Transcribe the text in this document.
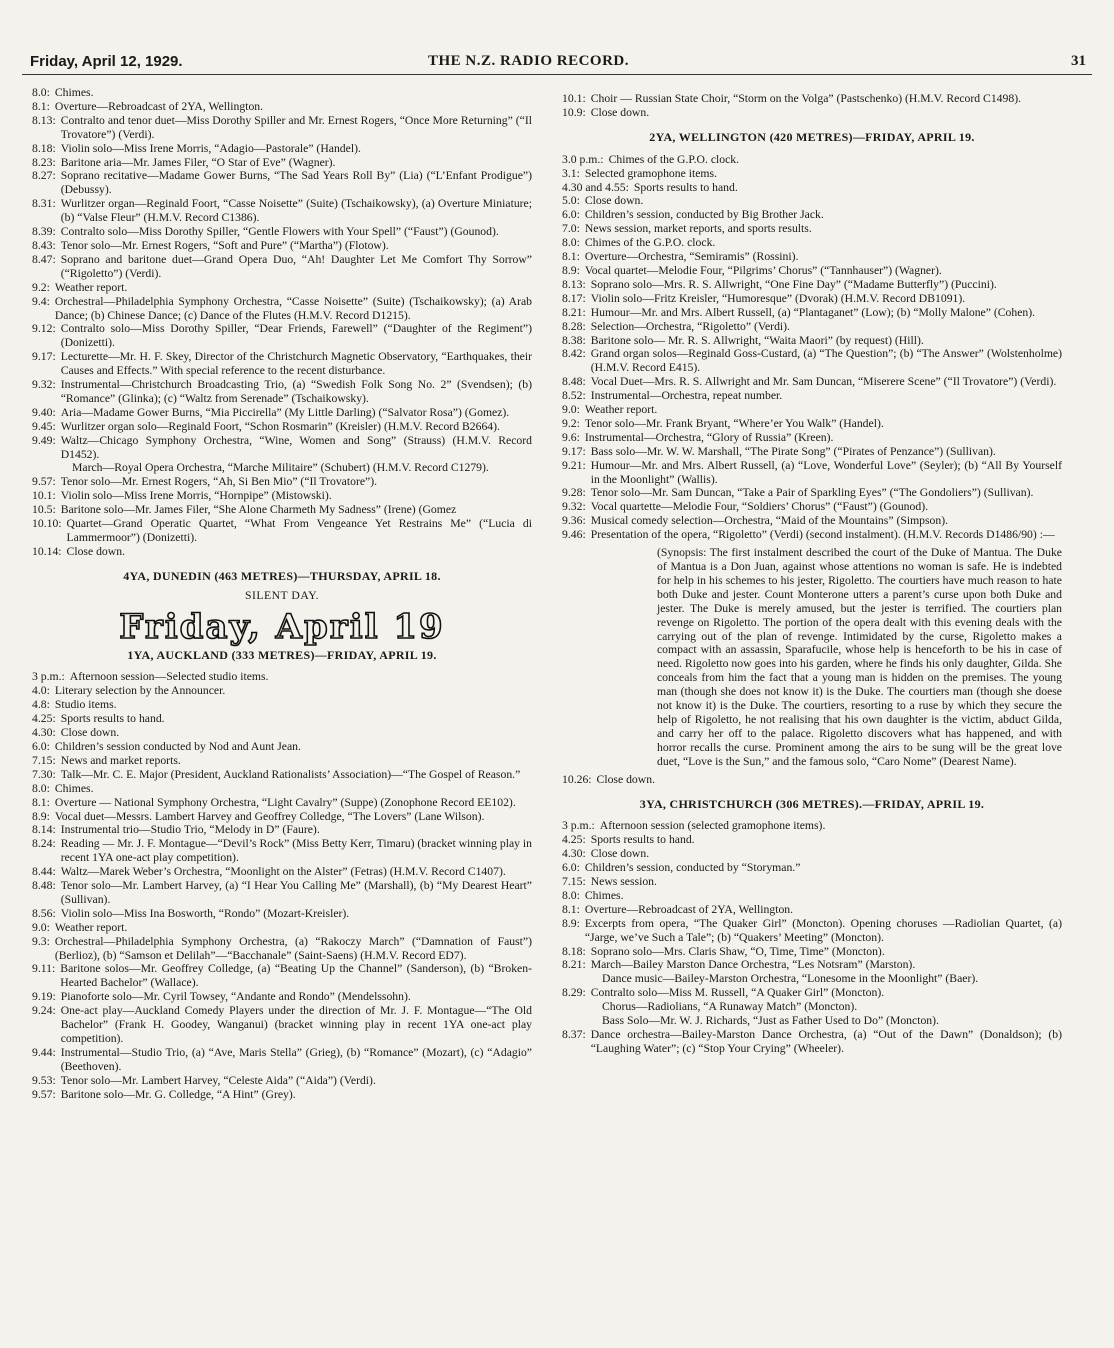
Friday, April 12, 1929.	THE N.Z. RADIO RECORD.	31
8.0: Chimes.
8.1: Overture—Rebroadcast of 2YA, Wellington.
8.13: Contralto and tenor duet—Miss Dorothy Spiller and Mr. Ernest Rogers, “Once More Returning” (“Il Trovatore”) (Verdi).
8.18: Violin solo—Miss Irene Morris, “Adagio—Pastorale” (Handel).
8.23: Baritone aria—Mr. James Filer, “O Star of Eve” (Wagner).
8.27: Soprano recitative—Madame Gower Burns, “The Sad Years Roll By” (Lia) (“L’Enfant Prodigue”) (Debussy).
8.31: Wurlitzer organ—Reginald Foort, “Casse Noisette” (Suite) (Tschaikowsky), (a) Overture Miniature; (b) “Valse Fleur” (H.M.V. Record C1386).
8.39: Contralto solo—Miss Dorothy Spiller, “Gentle Flowers with Your Spell” (“Faust”) (Gounod).
8.43: Tenor solo—Mr. Ernest Rogers, “Soft and Pure” (“Martha”) (Flotow).
8.47: Soprano and baritone duet—Grand Opera Duo, “Ah! Daughter Let Me Comfort Thy Sorrow” (“Rigoletto”) (Verdi).
9.2: Weather report.
9.4: Orchestral—Philadelphia Symphony Orchestra, “Casse Noisette” (Suite) (Tschaikowsky); (a) Arab Dance; (b) Chinese Dance; (c) Dance of the Flutes (H.M.V. Record D1215).
9.12: Contralto solo—Miss Dorothy Spiller, “Dear Friends, Farewell” (“Daughter of the Regiment”) (Donizetti).
9.17: Lecturette—Mr. H. F. Skey, Director of the Christchurch Magnetic Observatory, “Earthquakes, their Causes and Effects.” With special reference to the recent disturbance.
9.32: Instrumental—Christchurch Broadcasting Trio, (a) “Swedish Folk Song No. 2” (Svendsen); (b) “Romance” (Glinka); (c) “Waltz from Serenade” (Tschaikowsky).
9.40: Aria—Madame Gower Burns, “Mia Piccirella” (My Little Darling) (“Salvator Rosa”) (Gomez).
9.45: Wurlitzer organ solo—Reginald Foort, “Schon Rosmarin” (Kreisler) (H.M.V. Record B2664).
9.49: Waltz—Chicago Symphony Orchestra, “Wine, Women and Song” (Strauss) (H.M.V. Record D1452).
March—Royal Opera Orchestra, “Marche Militaire” (Schubert) (H.M.V. Record C1279).
9.57: Tenor solo—Mr. Ernest Rogers, “Ah, Si Ben Mio” (“Il Trovatore”).
10.1: Violin solo—Miss Irene Morris, “Hornpipe” (Mistowski).
10.5: Baritone solo—Mr. James Filer, “She Alone Charmeth My Sadness” (Irene) (Gomez
10.10: Quartet—Grand Operatic Quartet, “What From Vengeance Yet Restrains Me” (“Lucia di Lammermoor”) (Donizetti).
10.14: Close down.
4YA, DUNEDIN (463 METRES)—THURSDAY, APRIL 18.
SILENT DAY.
Friday, April 19
1YA, AUCKLAND (333 METRES)—FRIDAY, APRIL 19.
3 p.m.: Afternoon session—Selected studio items.
4.0: Literary selection by the Announcer.
4.8: Studio items.
4.25: Sports results to hand.
4.30: Close down.
6.0: Children’s session conducted by Nod and Aunt Jean.
7.15: News and market reports.
7.30: Talk—Mr. C. E. Major (President, Auckland Rationalists’ Association)—“The Gospel of Reason.”
8.0: Chimes.
8.1: Overture — National Symphony Orchestra, “Light Cavalry” (Suppe) (Zonophone Record EE102).
8.9: Vocal duet—Messrs. Lambert Harvey and Geoffrey Colledge, “The Lovers” (Lane Wilson).
8.14: Instrumental trio—Studio Trio, “Melody in D” (Faure).
8.24: Reading — Mr. J. F. Montague—“Devil’s Rock” (Miss Betty Kerr, Timaru) (bracket winning play in recent 1YA one-act play competition).
8.44: Waltz—Marek Weber’s Orchestra, “Moonlight on the Alster” (Fetras) (H.M.V. Record C1407).
8.48: Tenor solo—Mr. Lambert Harvey, (a) “I Hear You Calling Me” (Marshall), (b) “My Dearest Heart” (Sullivan).
8.56: Violin solo—Miss Ina Bosworth, “Rondo” (Mozart-Kreisler).
9.0: Weather report.
9.3: Orchestral—Philadelphia Symphony Orchestra, (a) “Rakoczy March” (“Damnation of Faust”) (Berlioz), (b) “Samson et Delilah”—“Bacchanale” (Saint-Saens) (H.M.V. Record ED7).
9.11: Baritone solos—Mr. Geoffrey Colledge, (a) “Beating Up the Channel” (Sanderson), (b) “Broken-Hearted Bachelor” (Wallace).
9.19: Pianoforte solo—Mr. Cyril Towsey, “Andante and Rondo” (Mendelssohn).
9.24: One-act play—Auckland Comedy Players under the direction of Mr. J. F. Montague—“The Old Bachelor” (Frank H. Goodey, Wanganui) (bracket winning play in recent 1YA one-act play competition).
9.44: Instrumental—Studio Trio, (a) “Ave, Maris Stella” (Grieg), (b) “Romance” (Mozart), (c) “Adagio” (Beethoven).
9.53: Tenor solo—Mr. Lambert Harvey, “Celeste Aida” (“Aida”) (Verdi).
9.57: Baritone solo—Mr. G. Colledge, “A Hint” (Grey).
10.1: Choir — Russian State Choir, “Storm on the Volga” (Pastschenko) (H.M.V. Record C1498).
10.9: Close down.
2YA, WELLINGTON (420 METRES)—FRIDAY, APRIL 19.
3.0 p.m.: Chimes of the G.P.O. clock.
3.1: Selected gramophone items.
4.30 and 4.55: Sports results to hand.
5.0: Close down.
6.0: Children’s session, conducted by Big Brother Jack.
7.0: News session, market reports, and sports results.
8.0: Chimes of the G.P.O. clock.
8.1: Overture—Orchestra, “Semiramis” (Rossini).
8.9: Vocal quartet—Melodie Four, “Pilgrims’ Chorus” (“Tannhauser”) (Wagner).
8.13: Soprano solo—Mrs. R. S. Allwright, “One Fine Day” (“Madame Butterfly”) (Puccini).
8.17: Violin solo—Fritz Kreisler, “Humoresque” (Dvorak) (H.M.V. Record DB1091).
8.21: Humour—Mr. and Mrs. Albert Russell, (a) “Plantaganet” (Low); (b) “Molly Malone” (Cohen).
8.28: Selection—Orchestra, “Rigoletto” (Verdi).
8.38: Baritone solo— Mr. R. S. Allwright, “Waita Maori” (by request) (Hill).
8.42: Grand organ solos—Reginald Goss-Custard, (a) “The Question”; (b) “The Answer” (Wolstenholme) (H.M.V. Record E415).
8.48: Vocal Duet—Mrs. R. S. Allwright and Mr. Sam Duncan, “Miserere Scene” (“Il Trovatore”) (Verdi).
8.52: Instrumental—Orchestra, repeat number.
9.0: Weather report.
9.2: Tenor solo—Mr. Frank Bryant, “Where’er You Walk” (Handel).
9.6: Instrumental—Orchestra, “Glory of Russia” (Kreen).
9.17: Bass solo—Mr. W. W. Marshall, “The Pirate Song” (“Pirates of Penzance”) (Sullivan).
9.21: Humour—Mr. and Mrs. Albert Russell, (a) “Love, Wonderful Love” (Seyler); (b) “All By Yourself in the Moonlight” (Wallis).
9.28: Tenor solo—Mr. Sam Duncan, “Take a Pair of Sparkling Eyes” (“The Gondoliers”) (Sullivan).
9.32: Vocal quartette—Melodie Four, “Soldiers’ Chorus” (“Faust”) (Gounod).
9.36: Musical comedy selection—Orchestra, “Maid of the Mountains” (Simpson).
9.46: Presentation of the opera, “Rigoletto” (Verdi) (second instalment). (H.M.V. Records D1486/90) :—
(Synopsis: The first instalment described the court of the Duke of Mantua. The Duke of Mantua is a Don Juan, against whose attentions no woman is safe. He is indebted for help in his schemes to his jester, Rigoletto. The courtiers have much reason to hate both Duke and jester. Count Monterone utters a parent’s curse upon both Duke and jester. The Duke is merely amused, but the jester is terrified. The courtiers plan revenge on Rigoletto. The portion of the opera dealt with this evening deals with the carrying out of the plan of revenge. Intimidated by the curse, Rigoletto makes a compact with an assassin, Sparafucile, whose help is henceforth to be his in case of need. Rigoletto now goes into his garden, where he finds his only daughter, Gilda. She conceals from him the fact that a young man is hidden on the premises. The young man (though she does not know it) is the Duke. The courtiers man (though she doese not know it) is the Duke. The courtiers, resorting to a ruse by which they secure the help of Rigoletto, he not realising that his own daughter is the victim, abduct Gilda, and carry her off to the palace. Rigoletto discovers what has happened, and with horror recalls the curse. Prominent among the airs to be sung will be the great love duet, “Love is the Sun,” and the famous solo, “Caro Nome” (Dearest Name).
10.26: Close down.
3YA, CHRISTCHURCH (306 METRES).—FRIDAY, APRIL 19.
3 p.m.: Afternoon session (selected gramophone items).
4.25: Sports results to hand.
4.30: Close down.
6.0: Children’s session, conducted by “Storyman.”
7.15: News session.
8.0: Chimes.
8.1: Overture—Rebroadcast of 2YA, Wellington.
8.9: Excerpts from opera, “The Quaker Girl” (Moncton). Opening choruses —Radiolian Quartet, (a) “Jarge, we’ve Such a Tale”; (b) “Quakers’ Meeting” (Moncton).
8.18: Soprano solo—Mrs. Claris Shaw, “O, Time, Time” (Moncton).
8.21: March—Bailey Marston Dance Orchestra, “Les Notsram” (Marston).
Dance music—Bailey-Marston Orchestra, “Lonesome in the Moonlight” (Baer).
8.29: Contralto solo—Miss M. Russell, “A Quaker Girl” (Moncton).
Chorus—Radiolians, “A Runaway Match” (Moncton).
Bass Solo—Mr. W. J. Richards, “Just as Father Used to Do” (Moncton).
8.37: Dance orchestra—Bailey-Marston Dance Orchestra, (a) “Out of the Dawn” (Donaldson); (b) “Laughing Water”; (c) “Stop Your Crying” (Wheeler).
